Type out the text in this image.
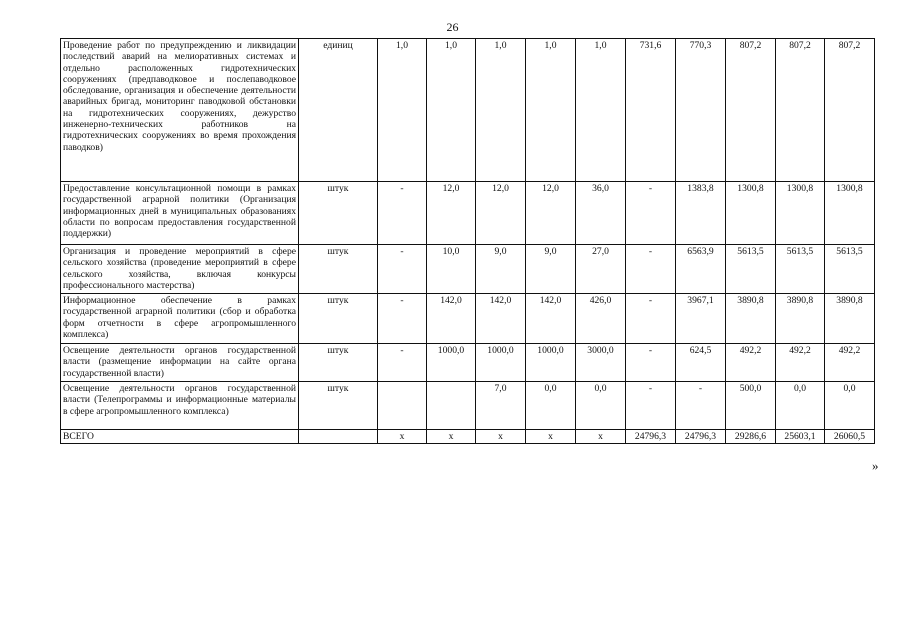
26
Проведение работ по предупреждению и ликвидации последствий аварий на мелиоративных системах и отдельно расположенных гидротехнических сооружениях (предпаводковое и послепаводковое обследование, организация и обеспечение деятельности аварийных бригад, мониторинг паводковой обстановки на гидротехнических сооружениях, дежурство инженерно-технических работников на гидротехнических сооружениях во время прохождения паводков)	единиц	1,0	1,0	1,0	1,0	1,0	731,6	770,3	807,2	807,2	807,2
Предоставление консультационной помощи в рамках государственной аграрной политики (Организация информационных дней в муниципальных образованиях области по вопросам предоставления государственной поддержки)	штук	-	12,0	12,0	12,0	36,0	-	1383,8	1300,8	1300,8	1300,8
Организация и проведение мероприятий в сфере сельского хозяйства (проведение мероприятий в сфере сельского хозяйства, включая конкурсы профессионального мастерства)	штук	-	10,0	9,0	9,0	27,0	-	6563,9	5613,5	5613,5	5613,5
Информационное обеспечение в рамках государственной аграрной политики (сбор и обработка форм отчетности в сфере агропромышленного комплекса)	штук	-	142,0	142,0	142,0	426,0	-	3967,1	3890,8	3890,8	3890,8
Освещение деятельности органов государственной власти (размещение информации на сайте органа государственной власти)	штук	-	1000,0	1000,0	1000,0	3000,0	-	624,5	492,2	492,2	492,2
Освещение деятельности органов государственной власти (Телепрограммы и информационные материалы в сфере агропромышленного комплекса)	штук			7,0	0,0	0,0	-	-	500,0	0,0	0,0
ВСЕГО		х	х	х	х	х	24796,3	24796,3	29286,6	25603,1	26060,5
»
